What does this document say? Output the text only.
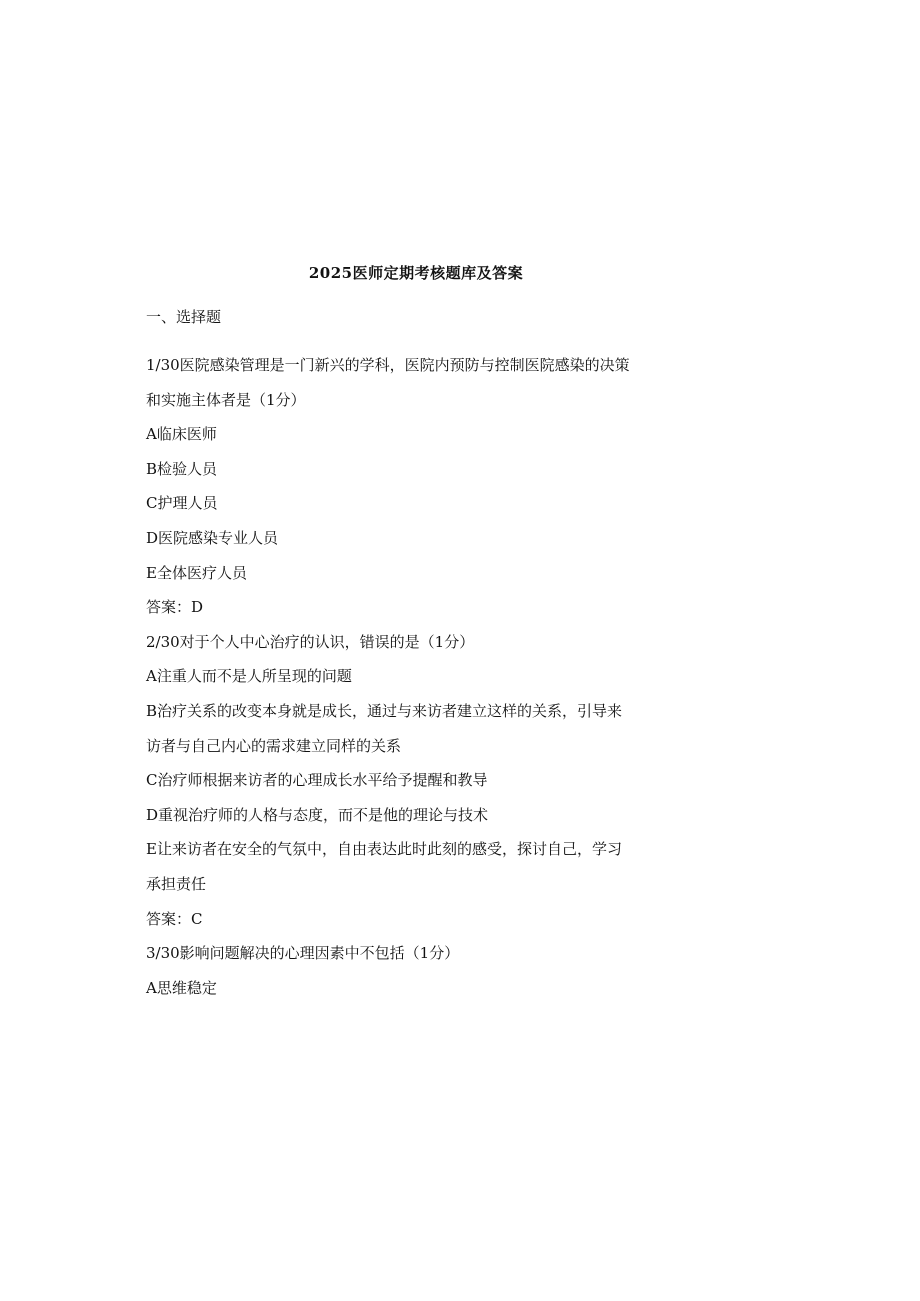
2025医师定期考核题库及答案
一、选择题

1/30医院感染管理是一门新兴的学科，医院内预防与控制医院感染的决策

和实施主体者是（1分）

A临床医师

B检验人员

C护理人员

D医院感染专业人员

E全体医疗人员

答案：D

2/30对于个人中心治疗的认识，错误的是（1分）

A注重人而不是人所呈现的问题

B治疗关系的改变本身就是成长，通过与来访者建立这样的关系，引导来

访者与自己内心的需求建立同样的关系

C治疗师根据来访者的心理成长水平给予提醒和教导

D重视治疗师的人格与态度，而不是他的理论与技术

E让来访者在安全的气氛中，自由表达此时此刻的感受，探讨自己，学习

承担责任

答案：C

3/30影响问题解决的心理因素中不包括（1分）

A思维稳定
